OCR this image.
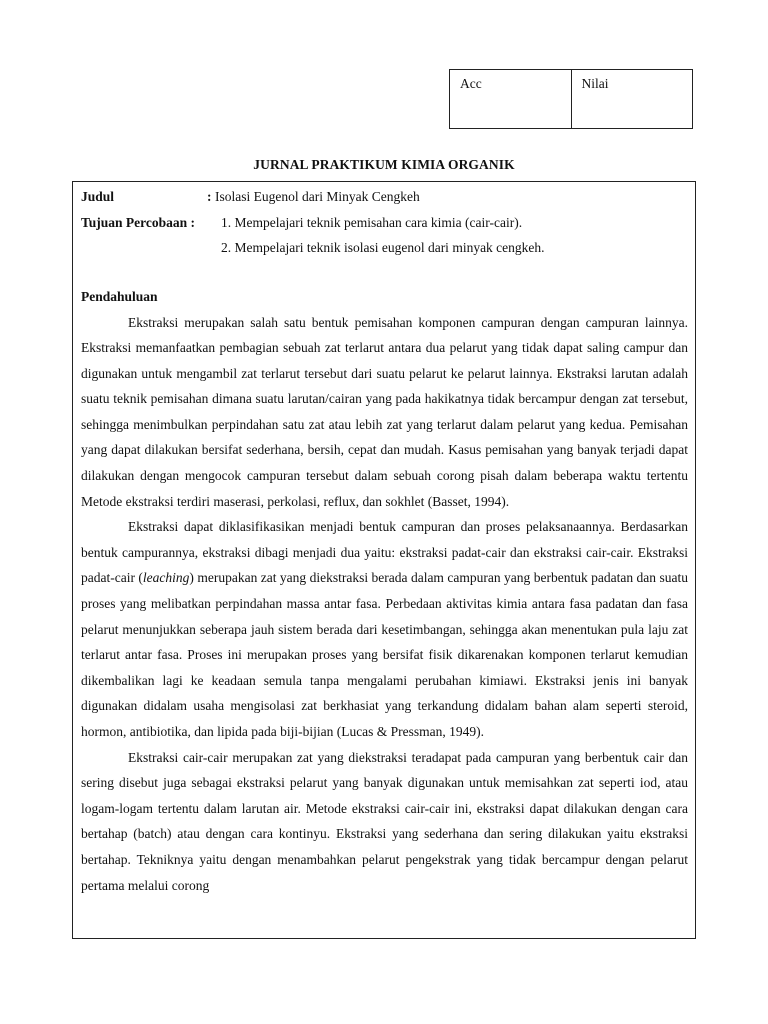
Acc	Nilai
JURNAL PRAKTIKUM KIMIA ORGANIK
Judul	: Isolasi Eugenol dari Minyak Cengkeh
Tujuan Percobaan : 1. Mempelajari teknik pemisahan cara kimia (cair-cair).
2. Mempelajari teknik isolasi eugenol dari minyak cengkeh.
Pendahuluan

Ekstraksi merupakan salah satu bentuk pemisahan komponen campuran dengan campuran lainnya. Ekstraksi memanfaatkan pembagian sebuah zat terlarut antara dua pelarut yang tidak dapat saling campur dan digunakan untuk mengambil zat terlarut tersebut dari suatu pelarut ke pelarut lainnya. Ekstraksi larutan adalah suatu teknik pemisahan dimana suatu larutan/cairan yang pada hakikatnya tidak bercampur dengan zat tersebut, sehingga menimbulkan perpindahan satu zat atau lebih zat yang terlarut dalam pelarut yang kedua. Pemisahan yang dapat dilakukan bersifat sederhana, bersih, cepat dan mudah. Kasus pemisahan yang banyak terjadi dapat dilakukan dengan mengocok campuran tersebut dalam sebuah corong pisah dalam beberapa waktu tertentu Metode ekstraksi terdiri maserasi, perkolasi, reflux, dan sokhlet (Basset, 1994).

Ekstraksi dapat diklasifikasikan menjadi bentuk campuran dan proses pelaksanaannya. Berdasarkan bentuk campurannya, ekstraksi dibagi menjadi dua yaitu: ekstraksi padat-cair dan ekstraksi cair-cair. Ekstraksi padat-cair (leaching) merupakan zat yang diekstraksi berada dalam campuran yang berbentuk padatan dan suatu proses yang melibatkan perpindahan massa antar fasa. Perbedaan aktivitas kimia antara fasa padatan dan fasa pelarut menunjukkan seberapa jauh sistem berada dari kesetimbangan, sehingga akan menentukan pula laju zat terlarut antar fasa. Proses ini merupakan proses yang bersifat fisik dikarenakan komponen terlarut kemudian dikembalikan lagi ke keadaan semula tanpa mengalami perubahan kimiawi. Ekstraksi jenis ini banyak digunakan didalam usaha mengisolasi zat berkhasiat yang terkandung didalam bahan alam seperti steroid, hormon, antibiotika, dan lipida pada biji-bijian (Lucas & Pressman, 1949).

Ekstraksi cair-cair merupakan zat yang diekstraksi teradapat pada campuran yang berbentuk cair dan sering disebut juga sebagai ekstraksi pelarut yang banyak digunakan untuk memisahkan zat seperti iod, atau logam-logam tertentu dalam larutan air. Metode ekstraksi cair-cair ini, ekstraksi dapat dilakukan dengan cara bertahap (batch) atau dengan cara kontinyu. Ekstraksi yang sederhana dan sering dilakukan yaitu ekstraksi bertahap. Tekniknya yaitu dengan menambahkan pelarut pengekstrak yang tidak bercampur dengan pelarut pertama melalui corong
